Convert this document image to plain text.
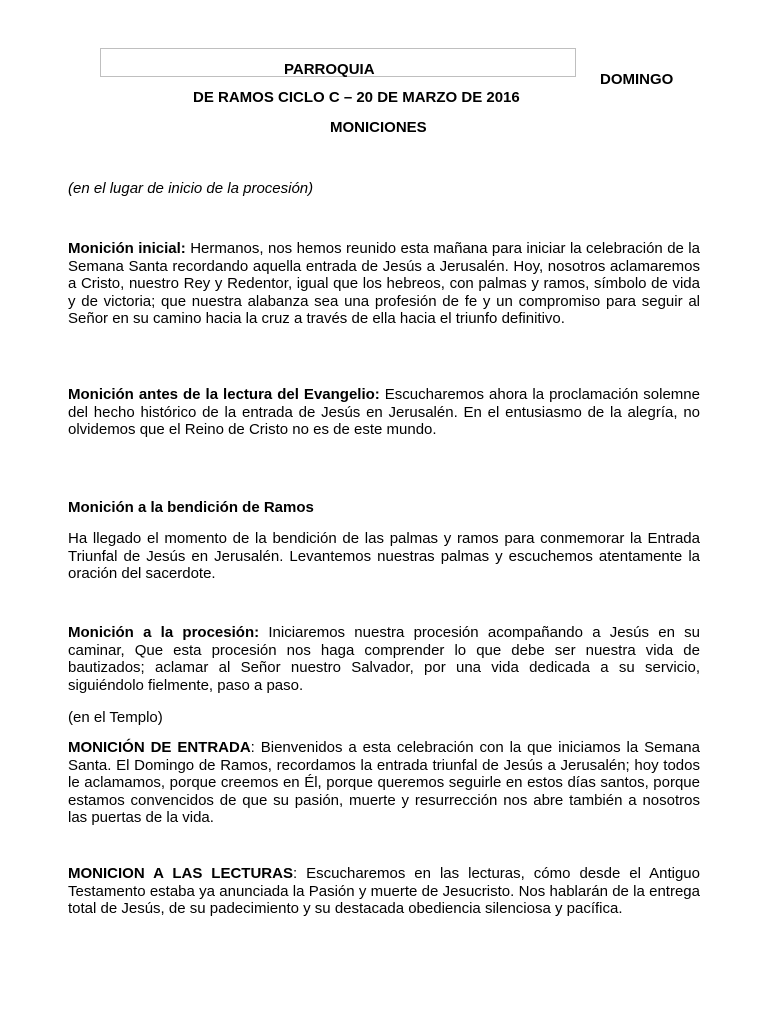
PARROQUIA
DOMINGO
DE RAMOS CICLO C – 20 DE MARZO DE 2016
MONICIONES

(en el lugar de inicio de la procesión)

Monición inicial: Hermanos, nos hemos reunido esta mañana para iniciar la celebración de la Semana Santa recordando aquella entrada de Jesús a Jerusalén. Hoy, nosotros aclamaremos a Cristo, nuestro Rey y Redentor, igual que los hebreos, con palmas y ramos, símbolo de vida y de victoria; que nuestra alabanza sea una profesión de fe y un compromiso para seguir al Señor en su camino hacia la cruz a través de ella hacia el triunfo definitivo.

Monición antes de la lectura del Evangelio: Escucharemos ahora la proclamación solemne del hecho histórico de la entrada de Jesús en Jerusalén. En el entusiasmo de la alegría, no olvidemos que el Reino de Cristo no es de este mundo.

Monición a la bendición de Ramos

Ha llegado el momento de la bendición de las palmas y ramos para conmemorar la Entrada Triunfal de Jesús en Jerusalén. Levantemos nuestras palmas y escuchemos atentamente la oración del sacerdote.

Monición a la procesión: Iniciaremos nuestra procesión acompañando a Jesús en su caminar, Que esta procesión nos haga comprender lo que debe ser nuestra vida de bautizados; aclamar al Señor nuestro Salvador, por una vida dedicada a su servicio, siguiéndolo fielmente, paso a paso.

(en el Templo)

MONICIÓN DE ENTRADA: Bienvenidos a esta celebración con la que iniciamos la Semana Santa. El Domingo de Ramos, recordamos la entrada triunfal de Jesús a Jerusalén; hoy todos le aclamamos, porque creemos en Él, porque queremos seguirle en estos días santos, porque estamos convencidos de que su pasión, muerte y resurrección nos abre también a nosotros las puertas de la vida.

MONICION A LAS LECTURAS: Escucharemos en las lecturas, cómo desde el Antiguo Testamento estaba ya anunciada la Pasión y muerte de Jesucristo. Nos hablarán de la entrega total de Jesús, de su padecimiento y su destacada obediencia silenciosa y pacífica.
